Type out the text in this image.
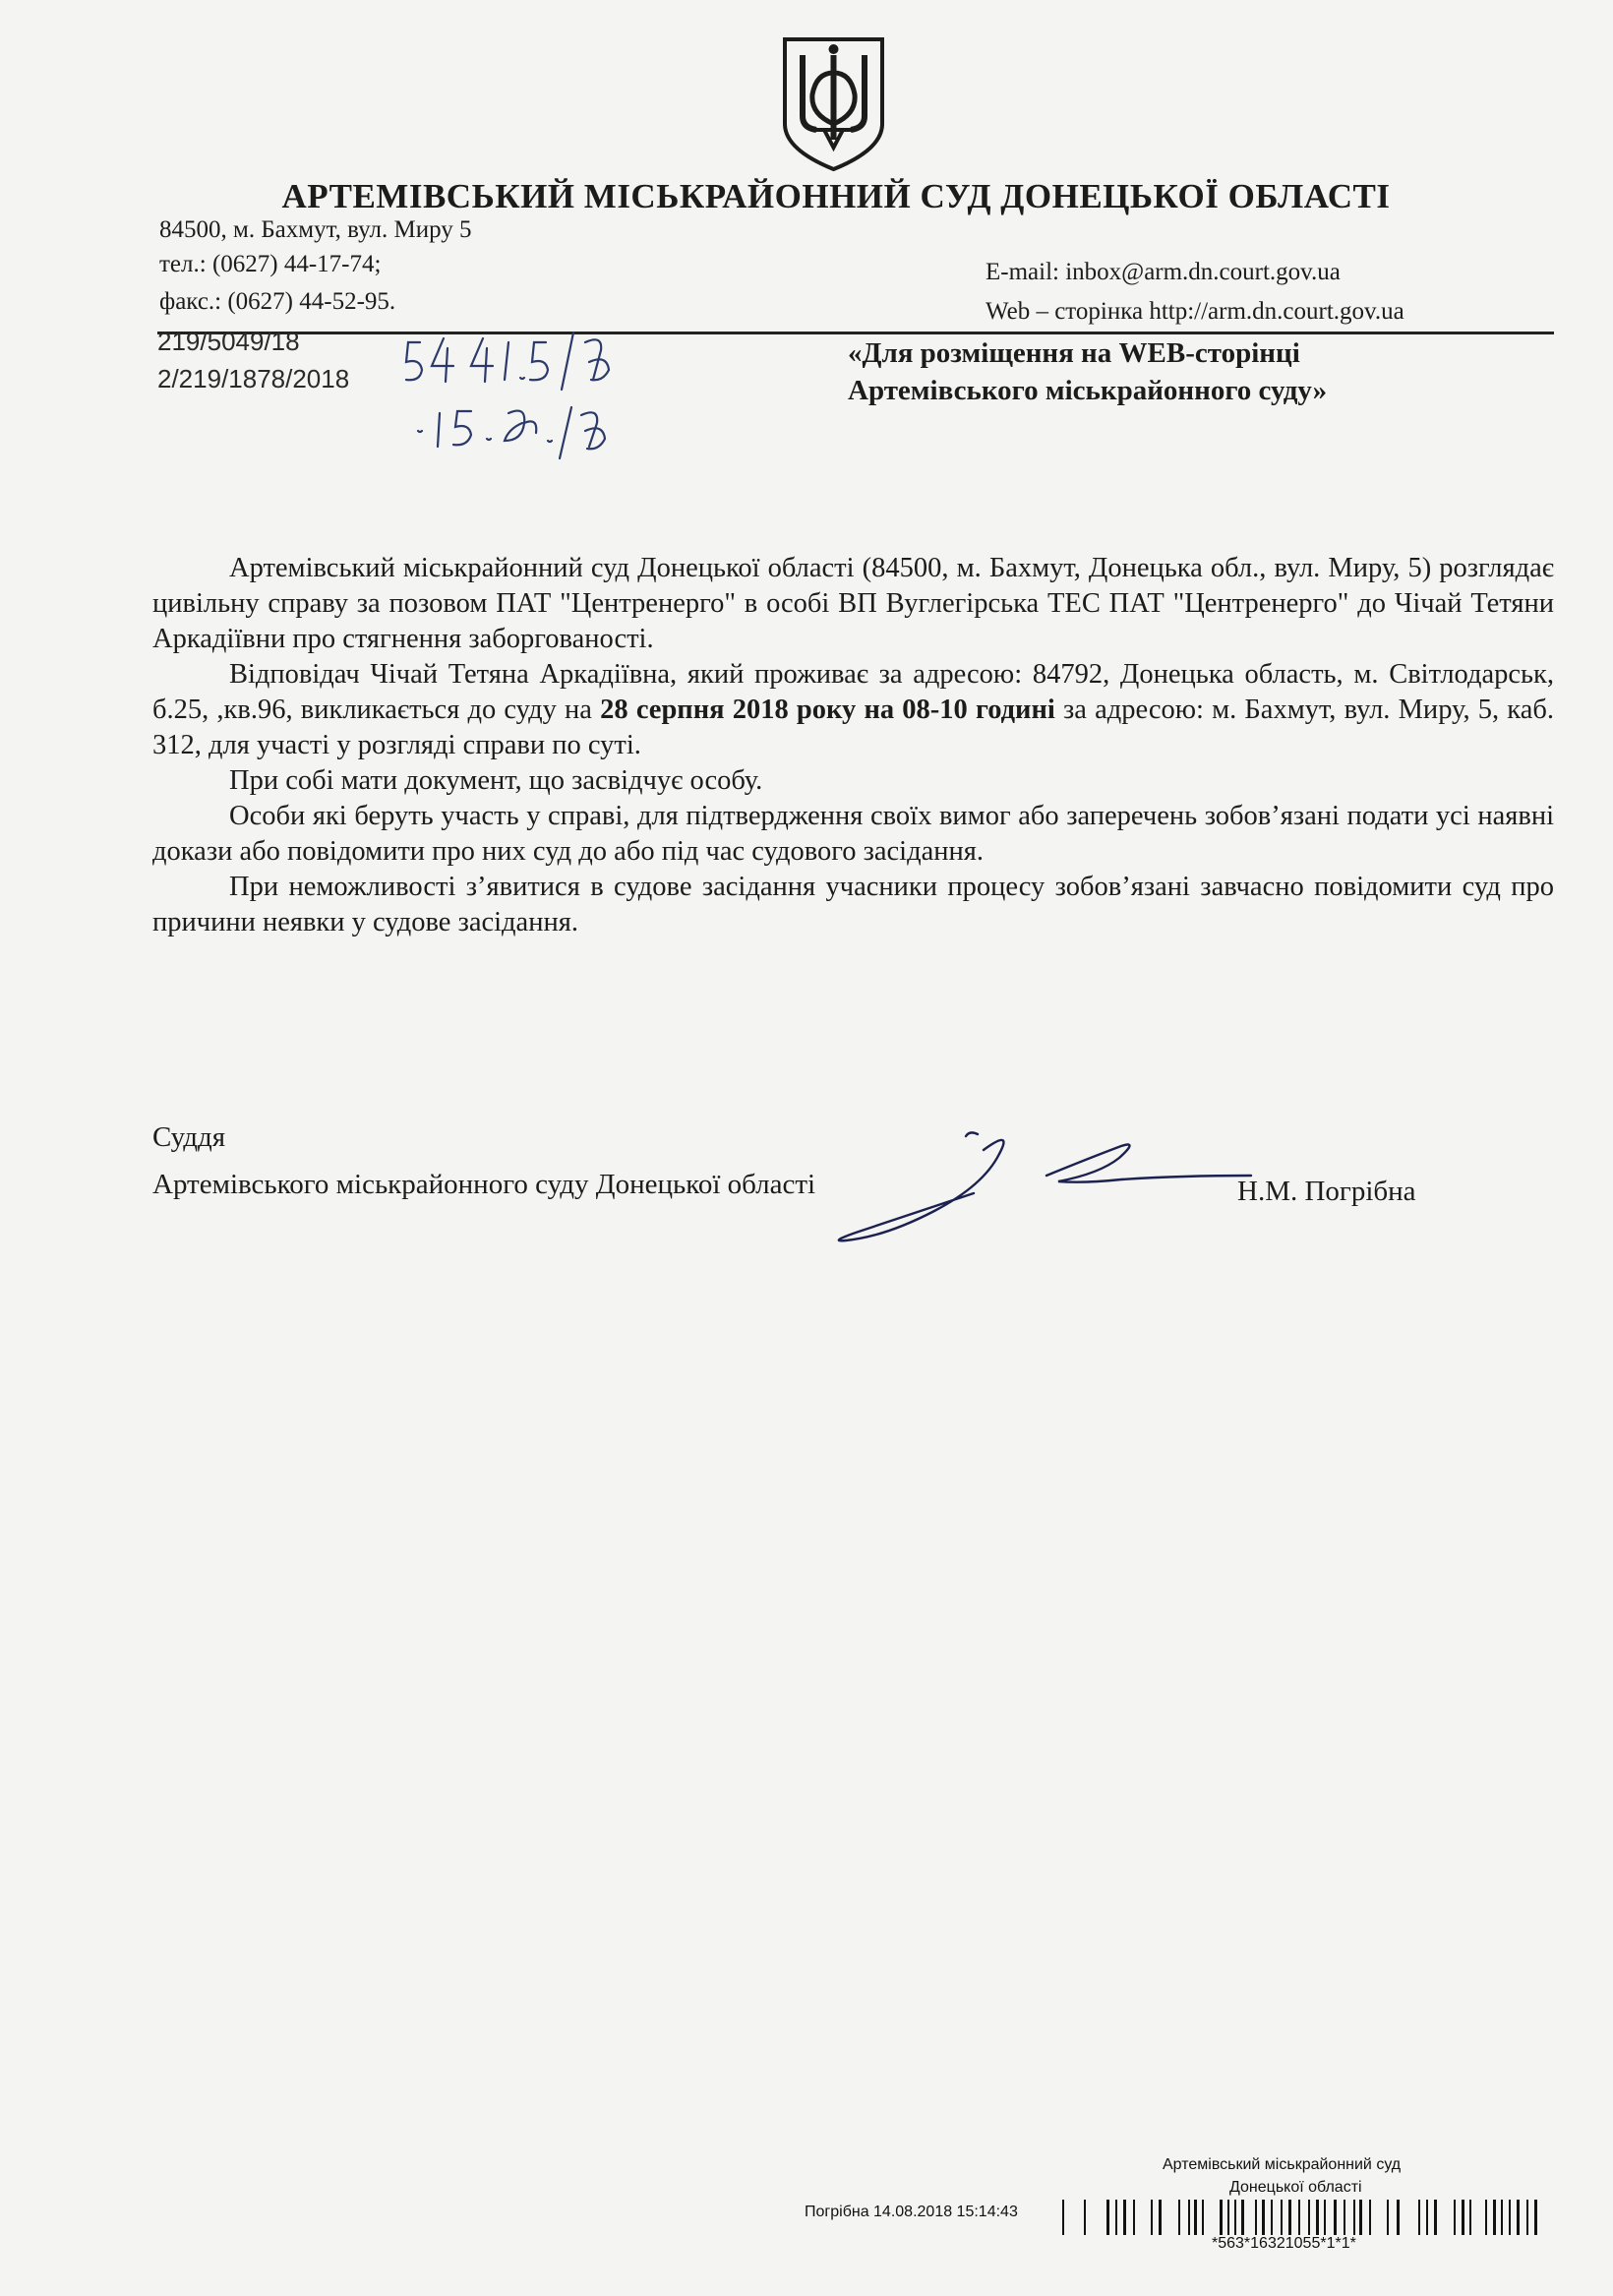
АРТЕМІВСЬКИЙ МІСЬКРАЙОННИЙ СУД ДОНЕЦЬКОЇ ОБЛАСТІ
84500, м. Бахмут, вул. Миру 5
тел.: (0627) 44-17-74;
факс.: (0627) 44-52-95.
E-mail: inbox@arm.dn.court.gov.ua
Web – сторінка http://arm.dn.court.gov.ua
219/5049/18
2/219/1878/2018
«Для розміщення на WEB-сторінці
Артемівського міськрайонного суду»

Артемівський міськрайонний суд Донецької області (84500, м. Бахмут, Донецька обл., вул. Миру, 5) розглядає цивільну справу за позовом ПАТ "Центренерго" в особі ВП Вуглегірська ТЕС ПАТ "Центренерго" до Чічай Тетяни Аркадіївни про стягнення заборгованості.

Відповідач Чічай Тетяна Аркадіївна, який проживає за адресою: 84792, Донецька область, м. Світлодарськ, б.25, ,кв.96, викликається до суду на 28 серпня 2018 року на 08-10 годині за адресою: м. Бахмут, вул. Миру, 5, каб. 312, для участі у розгляді справи по суті.

При собі мати документ, що засвідчує особу.

Особи які беруть участь у справі, для підтвердження своїх вимог або заперечень зобов’язані подати усі наявні докази або повідомити про них суд до або під час судового засідання.

При неможливості з’явитися в судове засідання учасники процесу зобов’язані завчасно повідомити суд про причини неявки у судове засідання.

Суддя
Артемівського міськрайонного суду Донецької області	Н.М. Погрібна
Артемівський міськрайонний суд
Донецької області
Погрібна 14.08.2018 15:14:43
*563*16321055*1*1*
